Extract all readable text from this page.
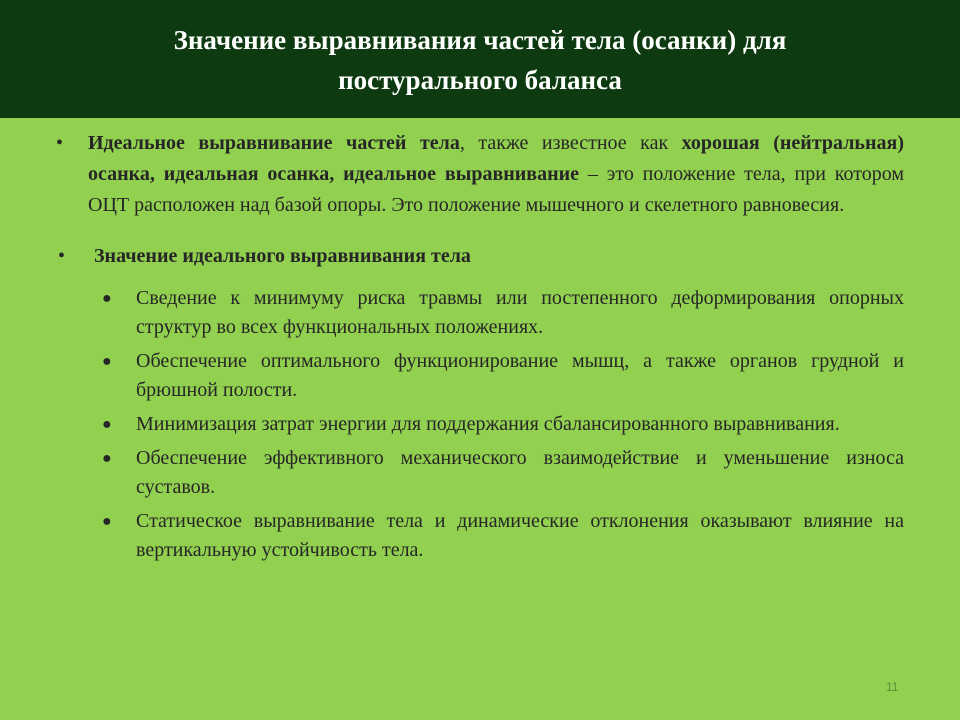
Значение выравнивания частей тела (осанки) для
постурального баланса
• Идеальное выравнивание частей тела, также известное как хорошая (нейтральная) осанка, идеальная осанка, идеальное выравнивание – это положение тела, при котором ОЦТ расположен над базой опоры. Это положение мышечного и скелетного равновесия.
• Значение идеального выравнивания тела
● Сведение к минимуму риска травмы или постепенного деформирования опорных структур во всех функциональных положениях.
● Обеспечение оптимального функционирование мышц, а также органов грудной и брюшной полости.
● Минимизация затрат энергии для поддержания сбалансированного выравнивания.
● Обеспечение эффективного механического взаимодействие и уменьшение износа суставов.
● Статическое выравнивание тела и динамические отклонения оказывают влияние на вертикальную устойчивость тела.
11
